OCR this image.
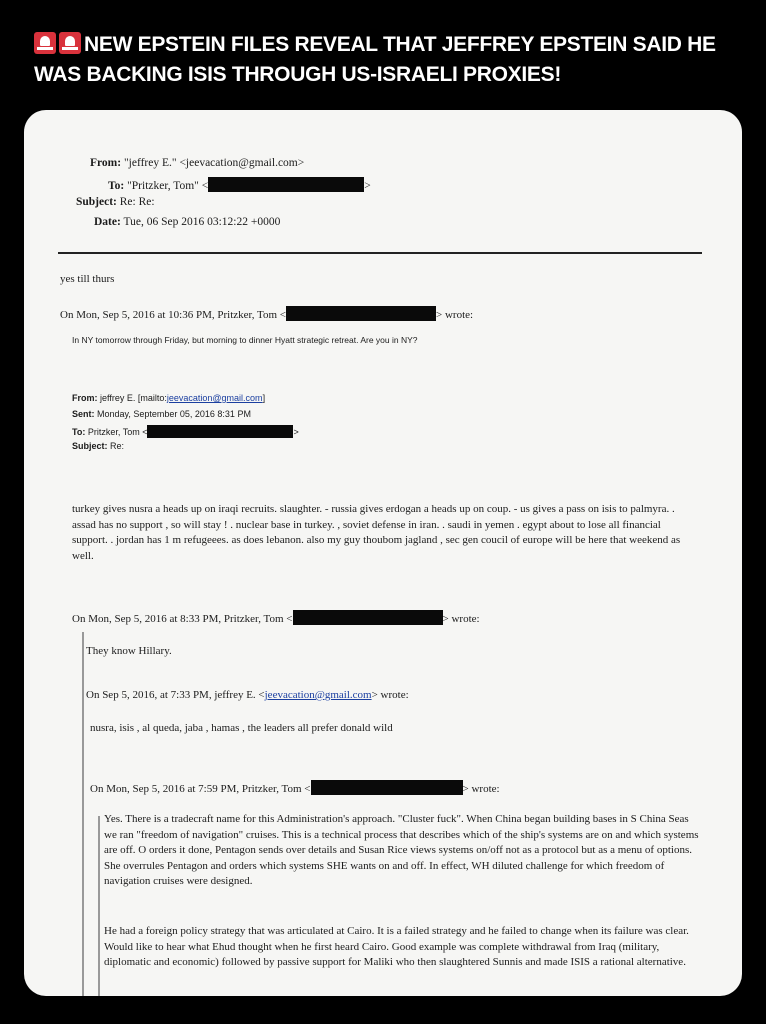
NEW EPSTEIN FILES REVEAL THAT JEFFREY EPSTEIN SAID HE WAS BACKING ISIS THROUGH US-ISRAELI PROXIES!
From: "jeffrey E." <jeevacation@gmail.com>
To: "Pritzker, Tom" <	>
Subject: Re: Re:
Date: Tue, 06 Sep 2016 03:12:22 +0000
yes till thurs
On Mon, Sep 5, 2016 at 10:36 PM, Pritzker, Tom <	> wrote:
In NY tomorrow through Friday, but morning to dinner Hyatt strategic retreat. Are you in NY?
From: jeffrey E. [mailto:jeevacation@gmail.com]
Sent: Monday, September 05, 2016 8:31 PM
To: Pritzker, Tom <	>
Subject: Re:
turkey gives nusra a heads up on iraqi recruits. slaughter. - russia gives erdogan a heads up on coup. - us gives a pass on isis to palmyra. . assad has no support , so will stay ! . nuclear base in turkey. , soviet defense in iran. . saudi in yemen . egypt about to lose all financial support. . jordan has 1 m refugeees. as does lebanon. also my guy thoubom jagland , sec gen coucil of europe will be here that weekend as well.
On Mon, Sep 5, 2016 at 8:33 PM, Pritzker, Tom <	> wrote:
They know Hillary.
On Sep 5, 2016, at 7:33 PM, jeffrey E. <jeevacation@gmail.com> wrote:
nusra, isis , al queda, jaba , hamas , the leaders all prefer donald wild
On Mon, Sep 5, 2016 at 7:59 PM, Pritzker, Tom <	> wrote:
Yes. There is a tradecraft name for this Administration's approach. "Cluster fuck". When China began building bases in S China Seas we ran "freedom of navigation" cruises. This is a technical process that describes which of the ship's systems are on and which systems are off. O orders it done, Pentagon sends over details and Susan Rice views systems on/off not as a protocol but as a menu of options. She overrules Pentagon and orders which systems SHE wants on and off. In effect, WH diluted challenge for which freedom of navigation cruises were designed.
He had a foreign policy strategy that was articulated at Cairo. It is a failed strategy and he failed to change when its failure was clear. Would like to hear what Ehud thought when he first heard Cairo. Good example was complete withdrawal from Iraq (military, diplomatic and economic) followed by passive support for Maliki who then slaughtered Sunnis and made ISIS a rational alternative.
